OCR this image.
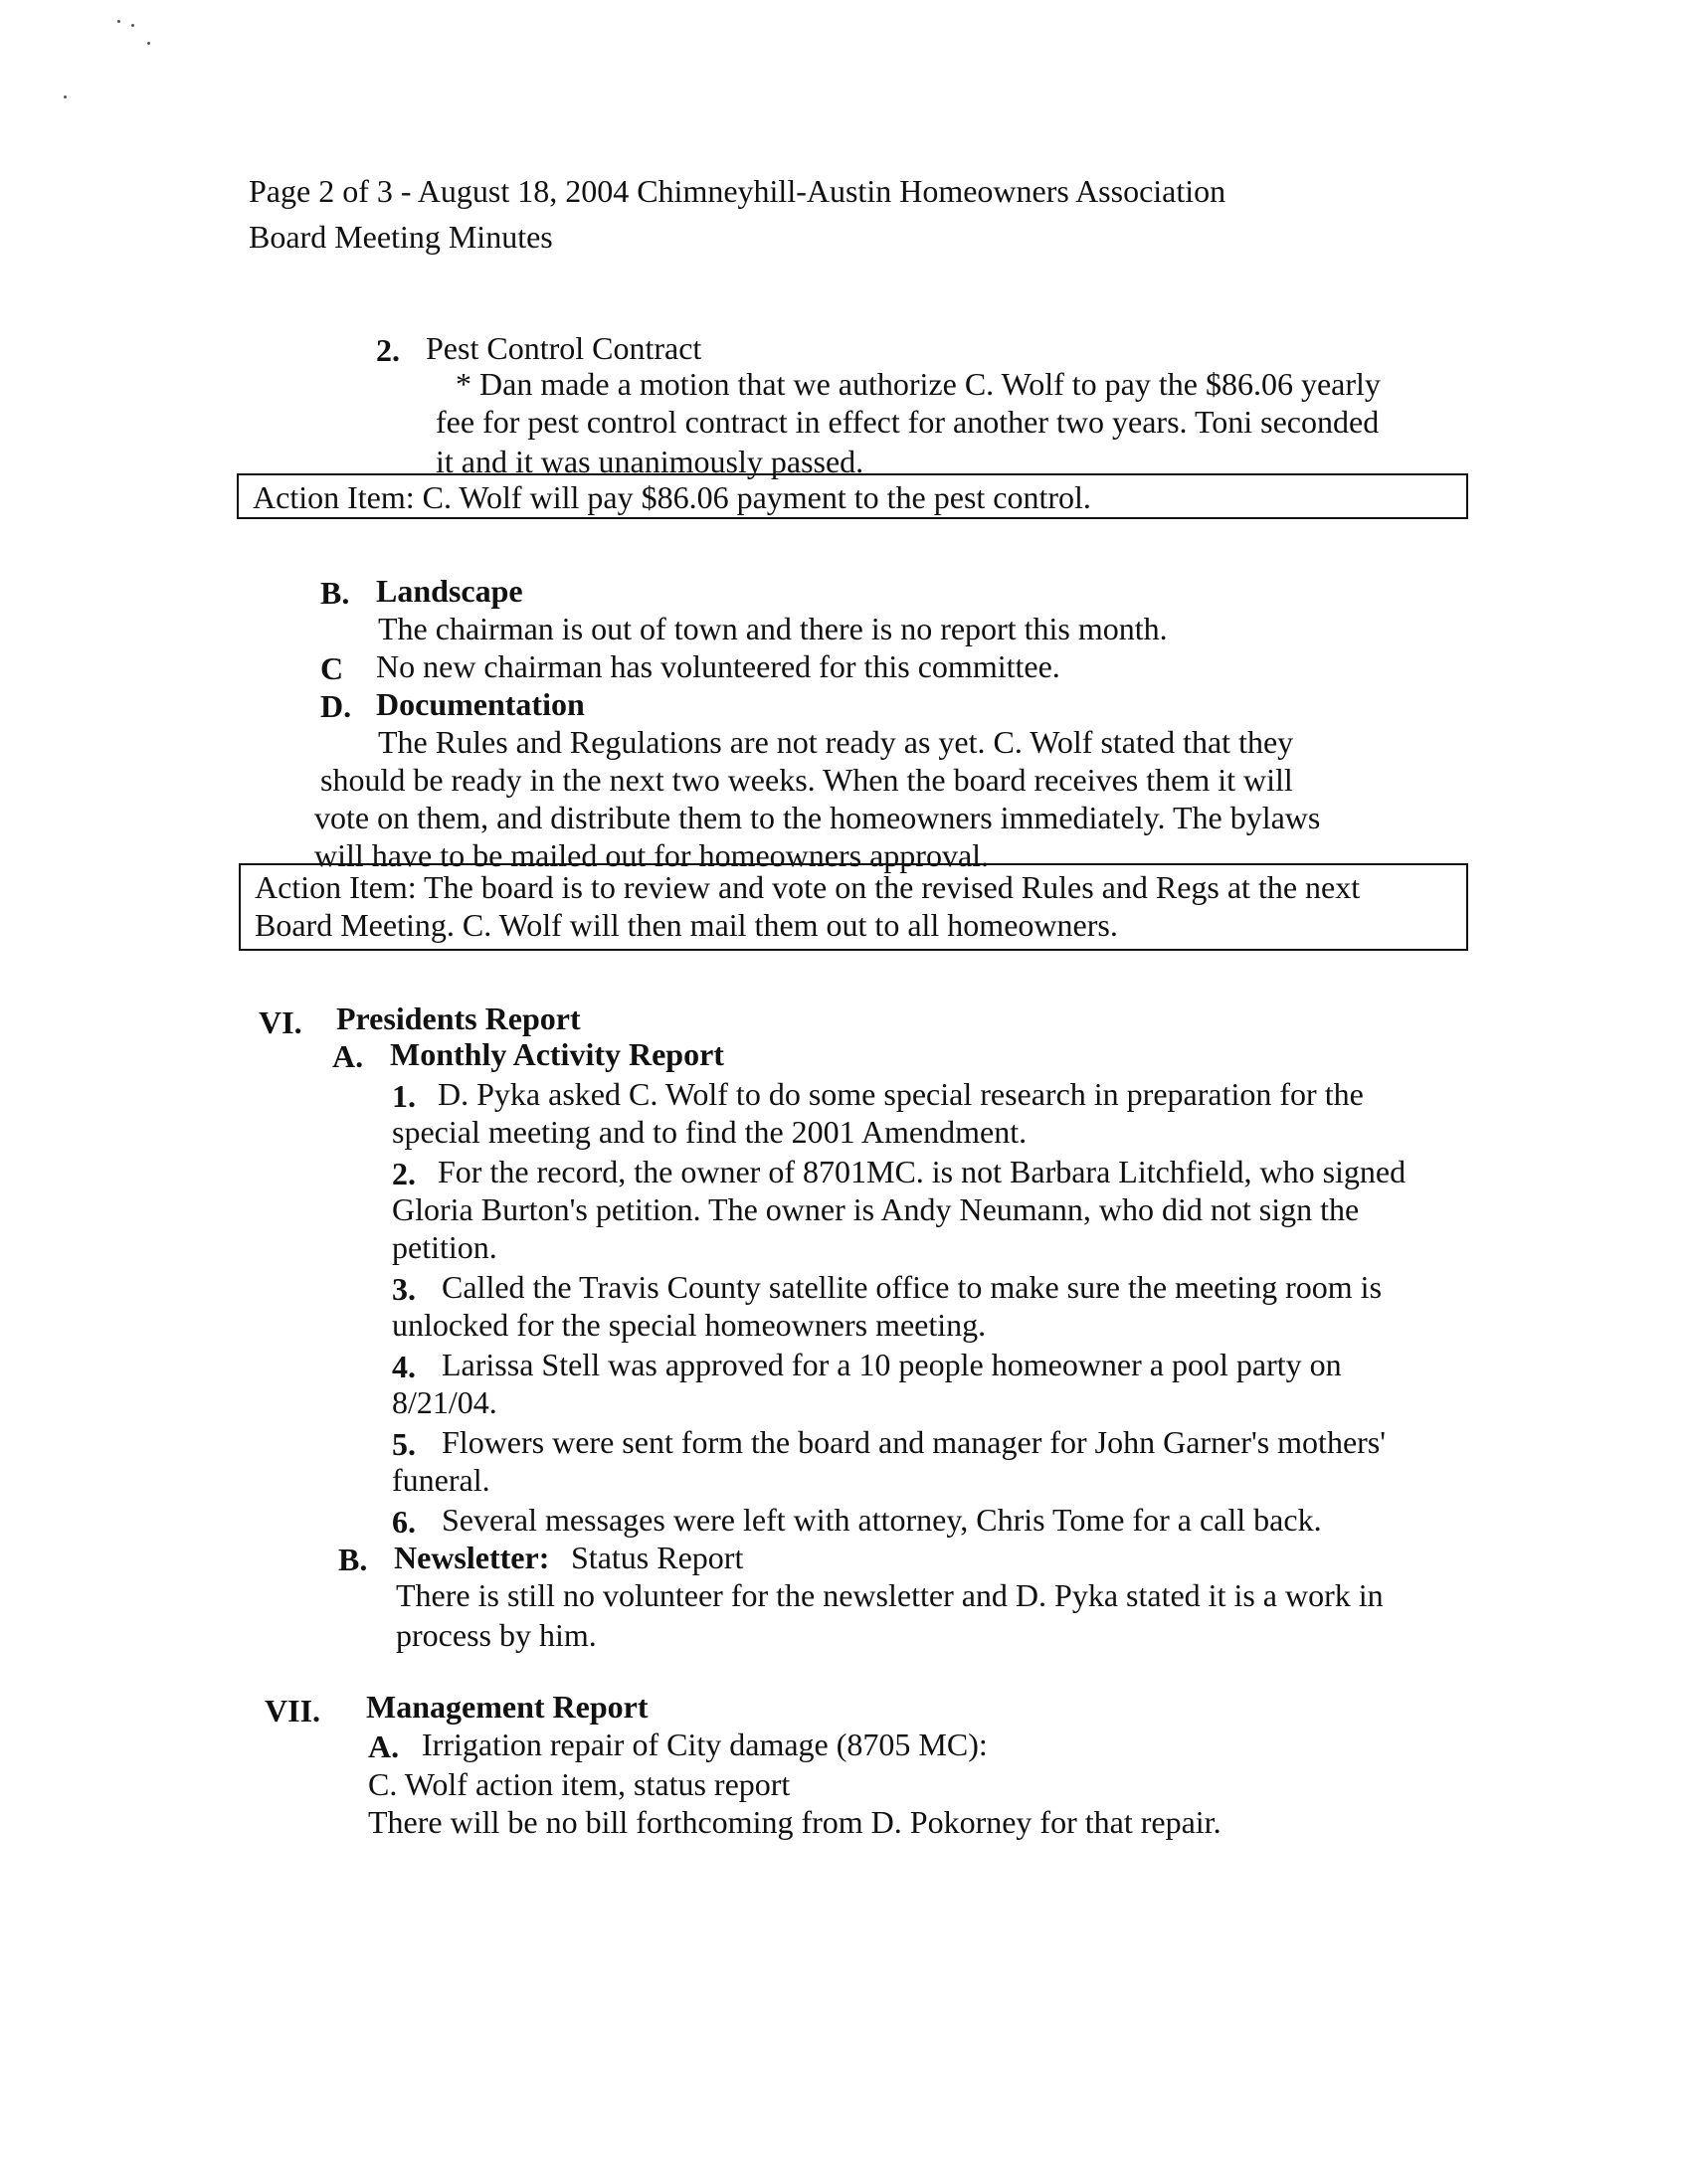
Page 2 of 3 - August 18, 2004 Chimneyhill-Austin Homeowners Association
Board Meeting Minutes
2. Pest Control Contract
* Dan made a motion that we authorize C. Wolf to pay the $86.06 yearly
fee for pest control contract in effect for another two years. Toni seconded
it and it was unanimously passed.
Action Item: C. Wolf will pay $86.06 payment to the pest control.
B. Landscape
The chairman is out of town and there is no report this month.
C No new chairman has volunteered for this committee.
D. Documentation
The Rules and Regulations are not ready as yet. C. Wolf stated that they
should be ready in the next two weeks. When the board receives them it will
vote on them, and distribute them to the homeowners immediately. The bylaws
will have to be mailed out for homeowners approval.
Action Item: The board is to review and vote on the revised Rules and Regs at the next
Board Meeting. C. Wolf will then mail them out to all homeowners.
VI. Presidents Report
A. Monthly Activity Report
1. D. Pyka asked C. Wolf to do some special research in preparation for the
special meeting and to find the 2001 Amendment.
2. For the record, the owner of 8701MC. is not Barbara Litchfield, who signed
Gloria Burton's petition. The owner is Andy Neumann, who did not sign the
petition.
3. Called the Travis County satellite office to make sure the meeting room is
unlocked for the special homeowners meeting.
4. Larissa Stell was approved for a 10 people homeowner a pool party on
8/21/04.
5. Flowers were sent form the board and manager for John Garner's mothers'
funeral.
6. Several messages were left with attorney, Chris Tome for a call back.
B. Newsletter: Status Report
There is still no volunteer for the newsletter and D. Pyka stated it is a work in
process by him.
VII. Management Report
A. Irrigation repair of City damage (8705 MC):
C. Wolf action item, status report
There will be no bill forthcoming from D. Pokorney for that repair.
